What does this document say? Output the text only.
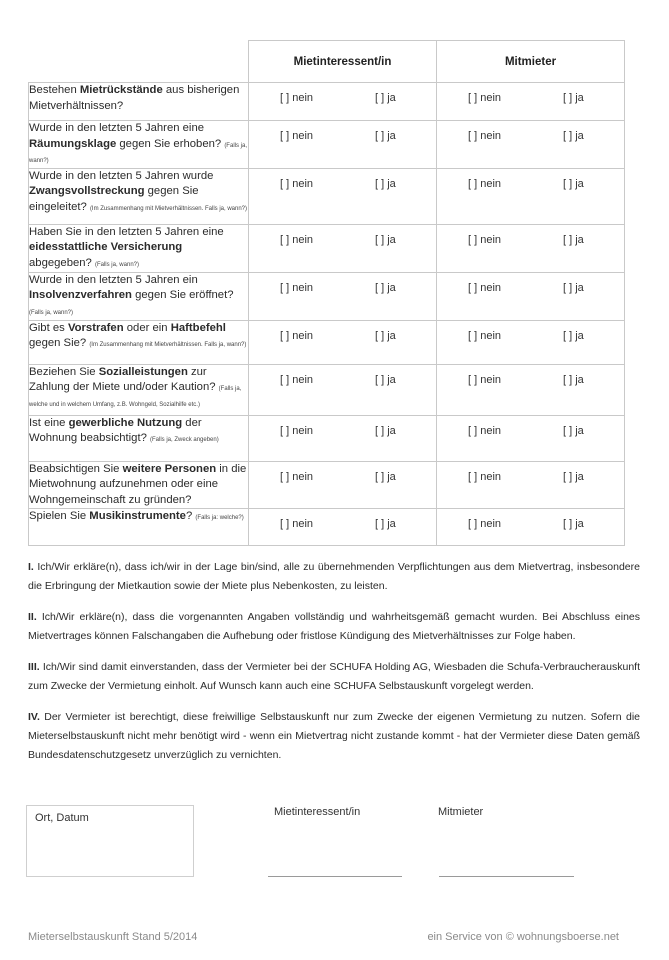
	Mietinteressent/in	Mitmieter
Bestehen Mietrückstände aus bisherigen Mietverhältnissen?	[ ] nein [ ] ja	[ ] nein [ ] ja

Wurde in den letzten 5 Jahren eine Räumungsklage gegen Sie erhoben? (Falls ja, wann?)	[ ] nein [ ] ja	[ ] nein [ ] ja

Wurde in den letzten 5 Jahren wurde Zwangsvollstreckung gegen Sie eingeleitet? (Im Zusammenhang mit Mietverhältnissen. Falls ja, wann?)	[ ] nein [ ] ja	[ ] nein [ ] ja

Haben Sie in den letzten 5 Jahren eine eidesstattliche Versicherung abgegeben? (Falls ja, wann?)	[ ] nein [ ] ja	[ ] nein [ ] ja

Wurde in den letzten 5 Jahren ein Insolvenzverfahren gegen Sie eröffnet? (Falls ja, wann?)	[ ] nein [ ] ja	[ ] nein [ ] ja

Gibt es Vorstrafen oder ein Haftbefehl gegen Sie? (Im Zusammenhang mit Mietverhältnissen. Falls ja, wann?)	[ ] nein [ ] ja	[ ] nein [ ] ja

Beziehen Sie Sozialleistungen zur Zahlung der Miete und/oder Kaution? (Falls ja, welche und in welchem Umfang, z.B. Wohngeld, Sozialhilfe etc.)	[ ] nein [ ] ja	[ ] nein [ ] ja

Ist eine gewerbliche Nutzung der Wohnung beabsichtigt? (Falls ja, Zweck angeben)	[ ] nein [ ] ja	[ ] nein [ ] ja

Beabsichtigen Sie weitere Personen in die Mietwohnung aufzunehmen oder eine Wohngemeinschaft zu gründen?	[ ] nein [ ] ja	[ ] nein [ ] ja

Spielen Sie Musikinstrumente? (Falls ja: welche?)	[ ] nein [ ] ja	[ ] nein [ ] ja

I. Ich/Wir erkläre(n), dass ich/wir in der Lage bin/sind, alle zu übernehmenden Verpflichtungen aus dem Mietvertrag, insbesondere die Erbringung der Mietkaution sowie der Miete plus Nebenkosten, zu leisten.

II. Ich/Wir erkläre(n), dass die vorgenannten Angaben vollständig und wahrheitsgemäß gemacht wurden. Bei Abschluss eines Mietvertrages können Falschangaben die Aufhebung oder fristlose Kündigung des Mietverhältnisses zur Folge haben.

III. Ich/Wir sind damit einverstanden, dass der Vermieter bei der SCHUFA Holding AG, Wiesbaden die Schufa-Verbraucherauskunft zum Zwecke der Vermietung einholt. Auf Wunsch kann auch eine SCHUFA Selbstauskunft vorgelegt werden.

IV. Der Vermieter ist berechtigt, diese freiwillige Selbstauskunft nur zum Zwecke der eigenen Vermietung zu nutzen. Sofern die Mieterselbstauskunft nicht mehr benötigt wird - wenn ein Mietvertrag nicht zustande kommt - hat der Vermieter diese Daten gemäß Bundesdatenschutzgesetz unverzüglich zu vernichten.

Ort, Datum	Mietinteressent/in	Mitmieter
Mieterselbstauskunft Stand 5/2014	ein Service von © wohnungsboerse.net
